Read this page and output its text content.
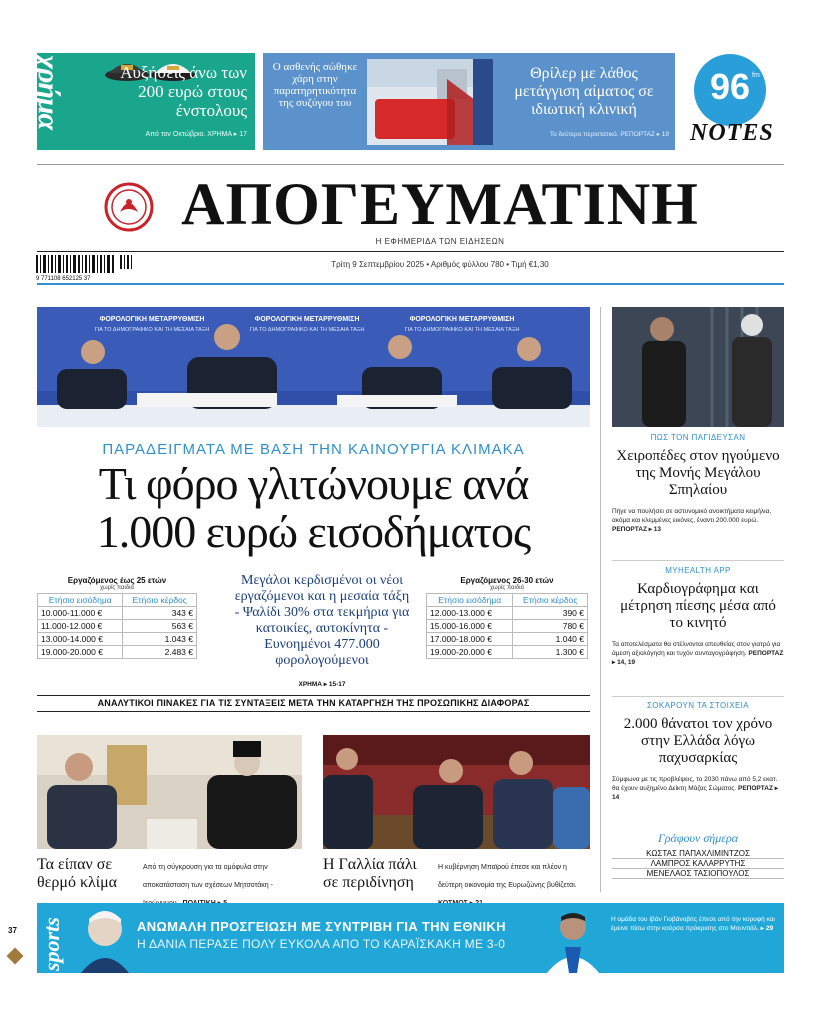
χρήμα	Αυξήσεις άνω των 200 ευρώ στους ένστολους
Από τον Οκτώβριο. ΧΡΗΜΑ ▸ 17
Ο ασθενής σώθηκε χάρη στην παρατηρητικότητα της συζύγου του
Θρίλερ με λάθος μετάγγιση αίματος σε ιδιωτική κλινική
Το δεύτερο περιστατικό. ΡΕΠΟΡΤΑΖ ▸ 19
96 fm
NOTES
ΑΠΟΓΕΥΜΑΤΙΝΗ
Η ΕΦΗΜΕΡΙΔΑ ΤΩΝ ΕΙΔΗΣΕΩΝ
9 771108 652125 37
Τρίτη 9 Σεπτεμβρίου 2025 • Αριθμός φύλλου 780 • Τιμή €1,30
ΦΟΡΟΛΟΓΙΚΗ ΜΕΤΑΡΡΥΘΜΙΣΗ	ΦΟΡΟΛΟΓΙΚΗ ΜΕΤΑΡΡΥΘΜΙΣΗ	ΦΟΡΟΛΟΓΙΚΗ ΜΕΤΑΡΡΥΘΜΙΣΗ
ΓΙΑ ΤΟ ΔΗΜΟΓΡΑΦΙΚΟ ΚΑΙ ΤΗ ΜΕΣΑΙΑ ΤΑΞΗ	ΓΙΑ ΤΟ ΔΗΜΟΓΡΑΦΙΚΟ ΚΑΙ ΤΗ ΜΕΣΑΙΑ ΤΑΞΗ	ΓΙΑ ΤΟ ΔΗΜΟΓΡΑΦΙΚΟ ΚΑΙ ΤΗ ΜΕΣΑΙΑ ΤΑΞΗ
ΠΑΡΑΔΕΙΓΜΑΤΑ ΜΕ ΒΑΣΗ ΤΗΝ ΚΑΙΝΟΥΡΓΙΑ ΚΛΙΜΑΚΑ
Τι φόρο γλιτώνουμε ανά
1.000 ευρώ εισοδήματος
Εργαζόμενος έως 25 ετών
χωρίς παιδιά
Ετήσιο εισόδημα	Ετήσιο κέρδος
10.000-11.000 €	343 €
11.000-12.000 €	563 €
13.000-14.000 €	1.043 €
19.000-20.000 €	2.483 €
Μεγάλοι κερδισμένοι οι νέοι εργαζόμενοι και η μεσαία τάξη - Ψαλίδι 30% στα τεκμήρια για κατοικίες, αυτοκίνητα - Ευνοημένοι 477.000 φορολογούμενοι
ΧΡΗΜΑ ▸ 15-17
Εργαζόμενος 26-30 ετών
χωρίς παιδιά
Ετήσιο εισόδημα	Ετήσιο κέρδος
12.000-13.000 €	390 €
15.000-16.000 €	780 €
17.000-18.000 €	1.040 €
19.000-20.000 €	1.300 €
ΑΝΑΛΥΤΙΚΟΙ ΠΙΝΑΚΕΣ ΓΙΑ ΤΙΣ ΣΥΝΤΑΞΕΙΣ ΜΕΤΑ ΤΗΝ ΚΑΤΑΡΓΗΣΗ ΤΗΣ ΠΡΟΣΩΠΙΚΗΣ ΔΙΑΦΟΡΑΣ
Τα είπαν σε θερμό κλίμα
Από τη σύγκρουση για τα ομόφυλα στην αποκατάσταση των σχέσεων Μητσοτάκη -
Η Γαλλία πάλι σε περιδίνηση
Η κυβέρνηση Μπαϊρού έπεσε και πλέον η δεύτερη οικονομία της Ευρωζώνης βυθίζεται.
ΠΩΣ ΤΟΝ ΠΑΓΙΔΕΥΣΑΝ
Χειροπέδες στον ηγούμενο της Μονής Μεγάλου Σπηλαίου
Πήγε να πουλήσει σε αστυνομικό ανοικτήματα κειμήλια, ακόμα και κλεμμένες εικόνες, έναντι 200.000 ευρώ. ΡΕΠΟΡΤΑΖ ▸ 13
MYHEALTH APP
Καρδιογράφημα και μέτρηση πίεσης μέσα από το κινητό
Τα αποτελέσματα θα στέλνονται απευθείας στον γιατρό για άμεση αξιολόγηση και τυχόν συνταγογράφηση. ΡΕΠΟΡΤΑΖ ▸ 14, 19
ΣΟΚΑΡΟΥΝ ΤΑ ΣΤΟΙΧΕΙΑ
2.000 θάνατοι τον χρόνο στην Ελλάδα λόγω παχυσαρκίας
Σύμφωνα με τις προβλέψεις, το 2030 πάνω από 5,2 εκατ. θα έχουν αυξημένο Δείκτη Μάζας Σώματος. ΡΕΠΟΡΤΑΖ ▸ 14
Γράφουν σήμερα
ΚΩΣΤΑΣ ΠΑΠΑΧΛΙΜΙΝΤΖΟΣ
ΛΑΜΠΡΟΣ ΚΑΛΑΡΡΥΤΗΣ
ΜΕΝΕΛΑΟΣ ΤΑΣΙΟΠΟΥΛΟΣ
37 sports	ΑΝΩΜΑΛΗ ΠΡΟΣΓΕΙΩΣΗ ΜΕ ΣΥΝΤΡΙΒΗ ΓΙΑ ΤΗΝ ΕΘΝΙΚΗ
Η ΔΑΝΙΑ ΠΕΡΑΣΕ ΠΟΛΥ ΕΥΚΟΛΑ ΑΠΟ ΤΟ ΚΑΡΑΪΣΚΑΚΗ ΜΕ 3-0
Η ομάδα του Ιβάν Γιοβάνοβιτς έπεσε από την κορυφή και έμεινε πίσω στην κούρσα πρόκρισης στο Μουντιάλ. ▸ 29
